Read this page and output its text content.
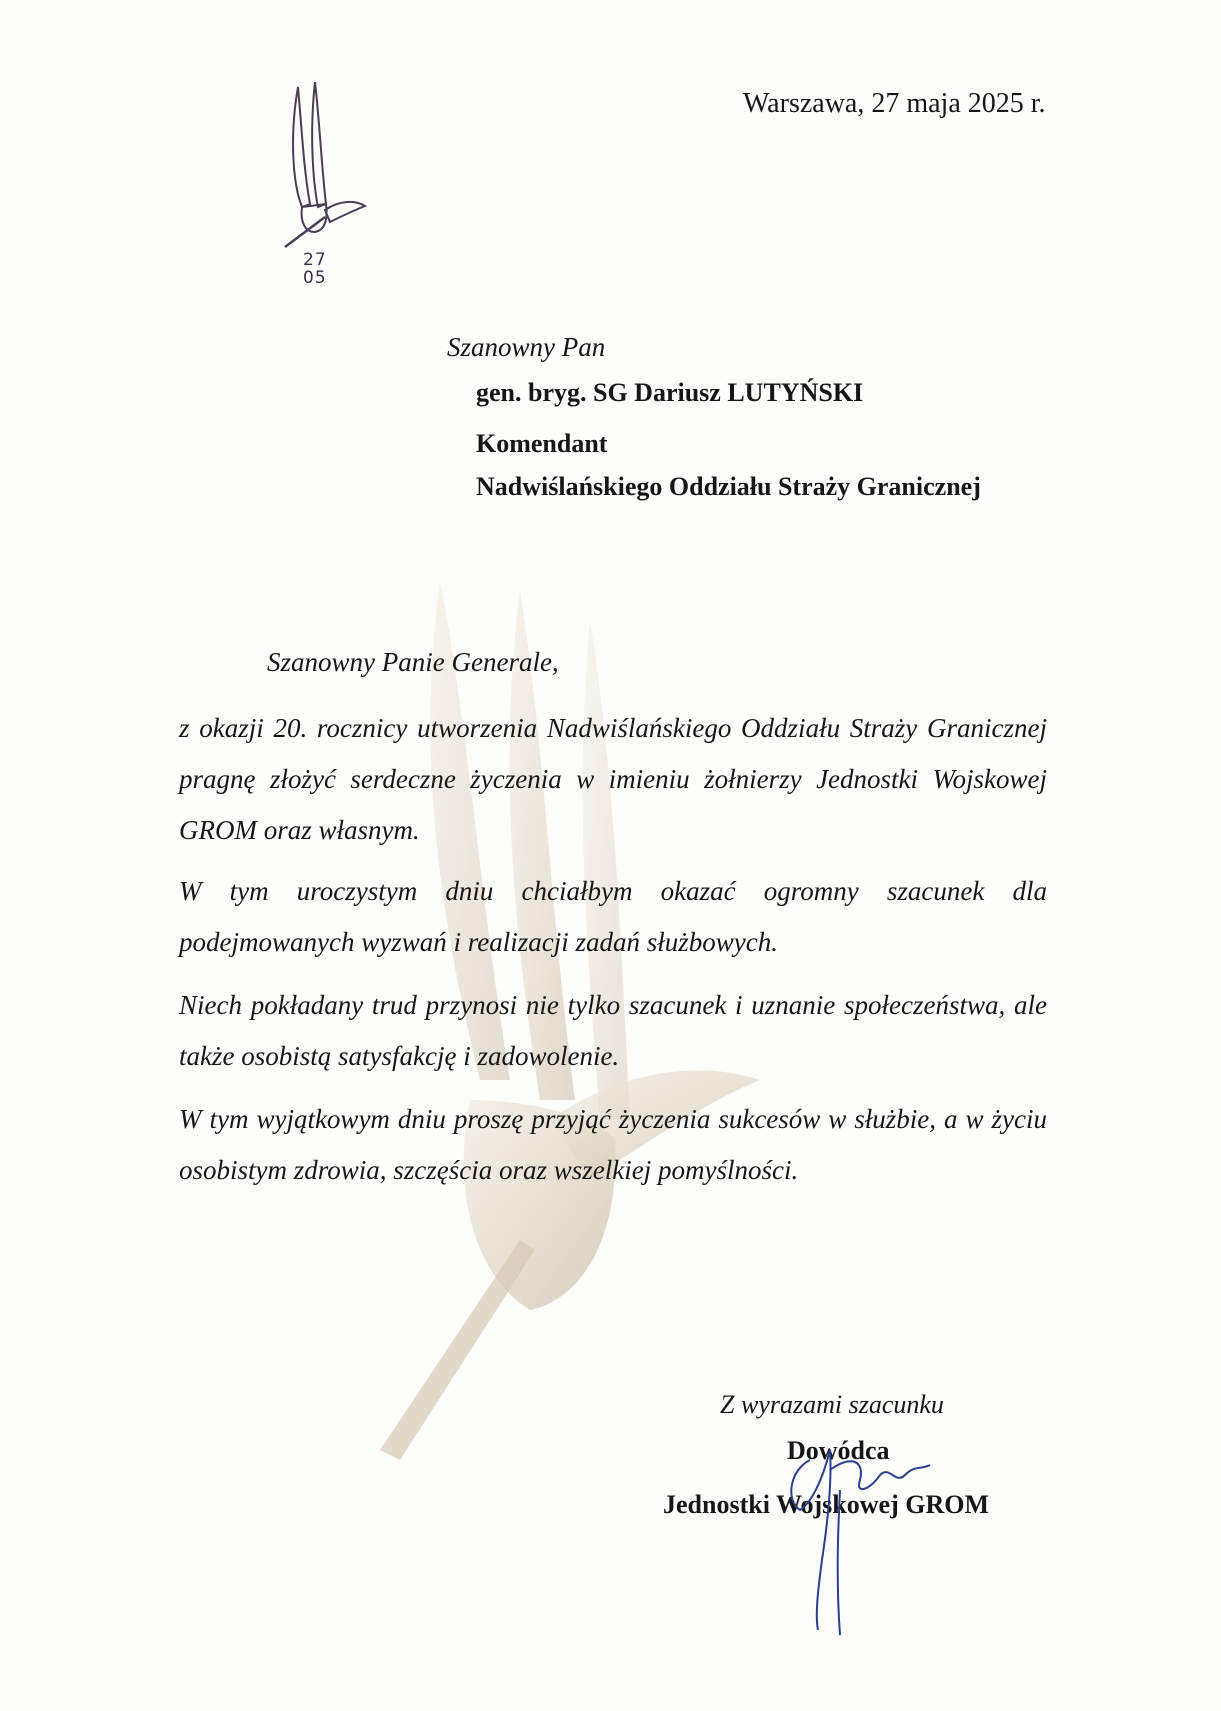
27
05
Warszawa, 27 maja 2025 r.
Szanowny Pan
gen. bryg. SG Dariusz LUTYŃSKI
Komendant
Nadwiślańskiego Oddziału Straży Granicznej
Szanowny Panie Generale,
z okazji 20. rocznicy utworzenia Nadwiślańskiego Oddziału Straży Granicznej pragnę złożyć serdeczne życzenia w imieniu żołnierzy Jednostki Wojskowej GROM oraz własnym.
W tym uroczystym dniu chciałbym okazać ogromny szacunek dla podejmowanych wyzwań i realizacji zadań służbowych.
Niech pokładany trud przynosi nie tylko szacunek i uznanie społeczeństwa, ale także osobistą satysfakcję i zadowolenie.
W tym wyjątkowym dniu proszę przyjąć życzenia sukcesów w służbie, a w życiu osobistym zdrowia, szczęścia oraz wszelkiej pomyślności.
Z wyrazami szacunku
Dowódca
Jednostki Wojskowej GROM
